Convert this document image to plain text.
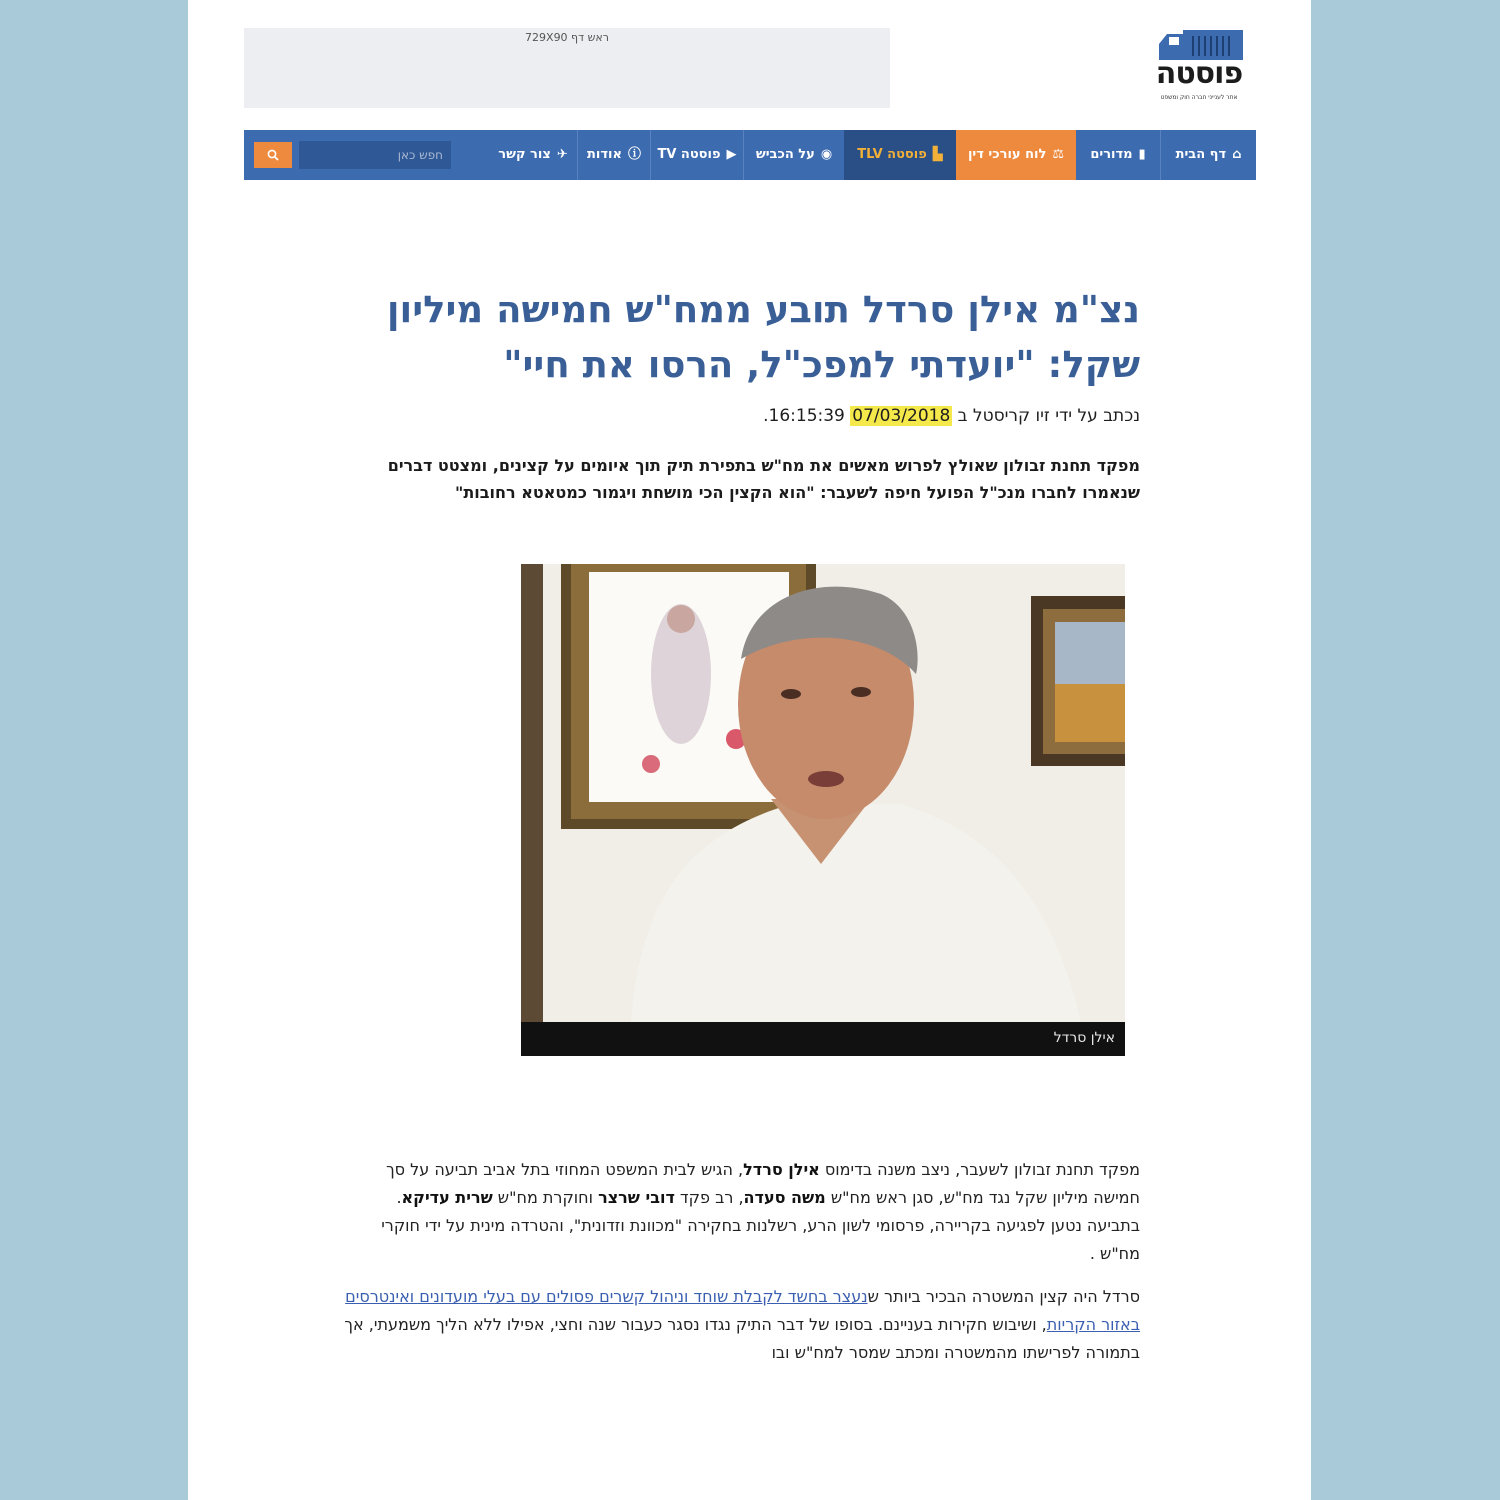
ראש דף 729X90
פוסטה
אתר לענייני חברה חוק ומשפט
⌂דף הבית
▮מדורים
⚖לוח עורכי דין
▙פוסטה TLV
◉על הכביש
▶פוסטה TV
ⓘאודות
✈צור קשר
חפש כאן
נצ"מ אילן סרדל תובע ממח"ש חמישה מיליון
שקל: "יועדתי למפכ"ל, הרסו את חיי"
נכתב על ידי זיו קריסטל ב 07/03/2018 16:15:39.
מפקד תחנת זבולון שאולץ לפרוש מאשים את מח"ש בתפירת תיק תוך איומים על קצינים, ומצטט דברים שנאמרו לחברו מנכ"ל הפועל חיפה לשעבר: "הוא הקצין הכי מושחת ויגמור כמטאטא רחובות"
אילן סרדל
מפקד תחנת זבולון לשעבר, ניצב משנה בדימוס אילן סרדל, הגיש לבית המשפט המחוזי בתל אביב תביעה על סך חמישה מיליון שקל נגד מח"ש, סגן ראש מח"ש משה סעדה, רב פקד דובי שרצר וחוקרת מח"ש שרית עדיקא. בתביעה נטען לפגיעה בקריירה, פרסומי לשון הרע, רשלנות בחקירה "מכוונת וזדונית", והטרדה מינית על ידי חוקרי מח"ש .
סרדל היה קצין המשטרה הבכיר ביותר שנעצר בחשד לקבלת שוחד וניהול קשרים פסולים עם בעלי מועדונים ואינטרסים באזור הקריות, ושיבוש חקירות בעניינם. בסופו של דבר התיק נגדו נסגר כעבור שנה וחצי, אפילו ללא הליך משמעתי, אך בתמורה לפרישתו מהמשטרה ומכתב שמסר למח"ש ובו
